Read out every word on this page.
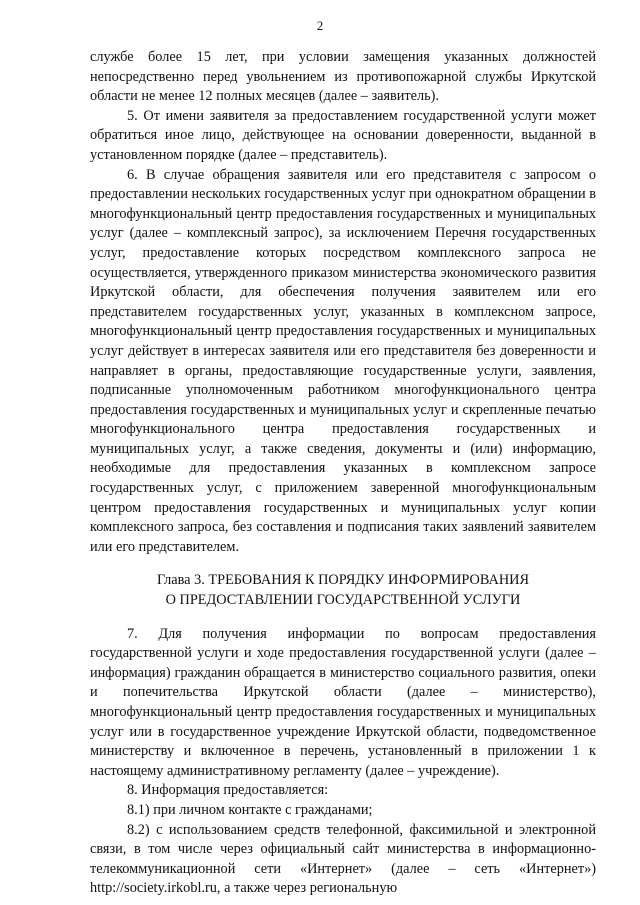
2

службе более 15 лет, при условии замещения указанных должностей непосредственно перед увольнением из противопожарной службы Иркутской области не менее 12 полных месяцев (далее – заявитель).

5. От имени заявителя за предоставлением государственной услуги может обратиться иное лицо, действующее на основании доверенности, выданной в установленном порядке (далее – представитель).

6. В случае обращения заявителя или его представителя с запросом о предоставлении нескольких государственных услуг при однократном обращении в многофункциональный центр предоставления государственных и муниципальных услуг (далее – комплексный запрос), за исключением Перечня государственных услуг, предоставление которых посредством комплексного запроса не осуществляется, утвержденного приказом министерства экономического развития Иркутской области, для обеспечения получения заявителем или его представителем государственных услуг, указанных в комплексном запросе, многофункциональный центр предоставления государственных и муниципальных услуг действует в интересах заявителя или его представителя без доверенности и направляет в органы, предоставляющие государственные услуги, заявления, подписанные уполномоченным работником многофункционального центра предоставления государственных и муниципальных услуг и скрепленные печатью многофункционального центра предоставления государственных и муниципальных услуг, а также сведения, документы и (или) информацию, необходимые для предоставления указанных в комплексном запросе государственных услуг, с приложением заверенной многофункциональным центром предоставления государственных и муниципальных услуг копии комплексного запроса, без составления и подписания таких заявлений заявителем или его представителем.

Глава 3. ТРЕБОВАНИЯ К ПОРЯДКУ ИНФОРМИРОВАНИЯ
О ПРЕДОСТАВЛЕНИИ ГОСУДАРСТВЕННОЙ УСЛУГИ

7. Для получения информации по вопросам предоставления государственной услуги и ходе предоставления государственной услуги (далее – информация) гражданин обращается в министерство социального развития, опеки и попечительства Иркутской области (далее – министерство), многофункциональный центр предоставления государственных и муниципальных услуг или в государственное учреждение Иркутской области, подведомственное министерству и включенное в перечень, установленный в приложении 1 к настоящему административному регламенту (далее – учреждение).

8. Информация предоставляется:

8.1) при личном контакте с гражданами;

8.2) с использованием средств телефонной, факсимильной и электронной связи, в том числе через официальный сайт министерства в информационно-телекоммуникационной сети «Интернет» (далее – сеть «Интернет») http://society.irkobl.ru, а также через региональную
